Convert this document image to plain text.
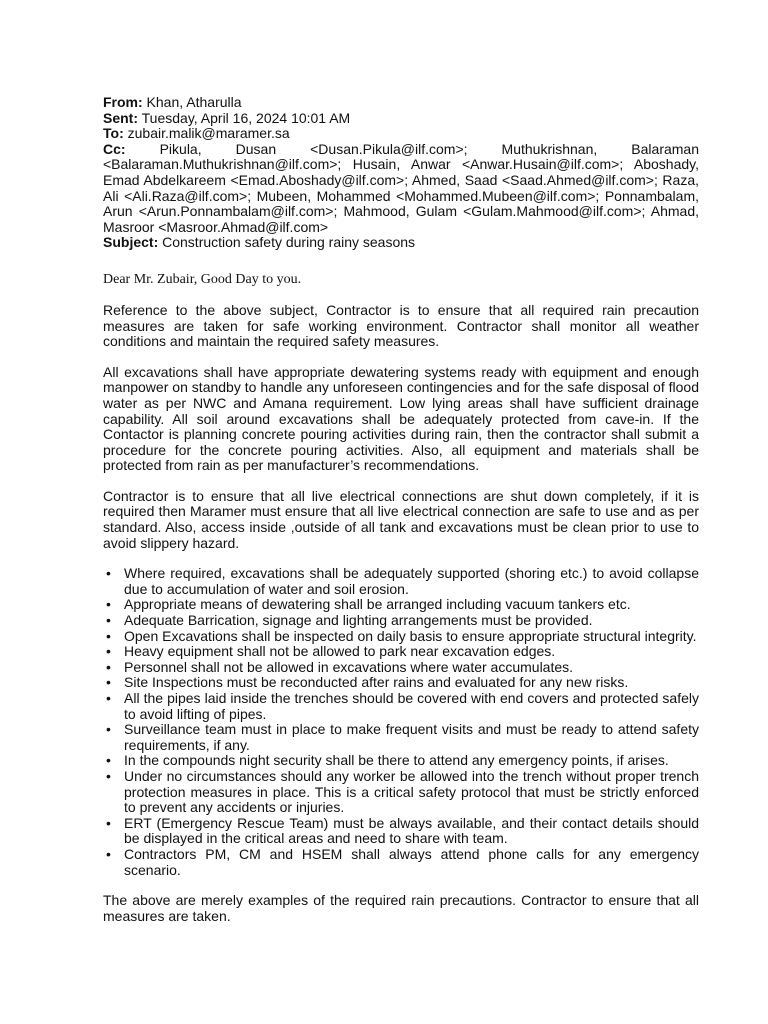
From: Khan, Atharulla

Sent: Tuesday, April 16, 2024 10:01 AM

To: zubair.malik@maramer.sa

Cc: Pikula, Dusan <Dusan.Pikula@ilf.com>; Muthukrishnan, Balaraman <Balaraman.Muthukrishnan@ilf.com>; Husain, Anwar <Anwar.Husain@ilf.com>; Aboshady, Emad Abdelkareem <Emad.Aboshady@ilf.com>; Ahmed, Saad <Saad.Ahmed@ilf.com>; Raza, Ali <Ali.Raza@ilf.com>; Mubeen, Mohammed <Mohammed.Mubeen@ilf.com>; Ponnambalam, Arun <Arun.Ponnambalam@ilf.com>; Mahmood, Gulam <Gulam.Mahmood@ilf.com>; Ahmad, Masroor <Masroor.Ahmad@ilf.com>

Subject: Construction safety during rainy seasons

Dear Mr. Zubair, Good Day to you.

Reference to the above subject, Contractor is to ensure that all required rain precaution measures are taken for safe working environment. Contractor shall monitor all weather conditions and maintain the required safety measures.

All excavations shall have appropriate dewatering systems ready with equipment and enough manpower on standby to handle any unforeseen contingencies and for the safe disposal of flood water as per NWC and Amana requirement. Low lying areas shall have sufficient drainage capability. All soil around excavations shall be adequately protected from cave-in. If the Contactor is planning concrete pouring activities during rain, then the contractor shall submit a procedure for the concrete pouring activities. Also, all equipment and materials shall be protected from rain as per manufacturer’s recommendations.

Contractor is to ensure that all live electrical connections are shut down completely, if it is required then Maramer must ensure that all live electrical connection are safe to use and as per standard. Also, access inside ,outside of all tank and excavations must be clean prior to use to avoid slippery hazard.

• Where required, excavations shall be adequately supported (shoring etc.) to avoid collapse due to accumulation of water and soil erosion.
• Appropriate means of dewatering shall be arranged including vacuum tankers etc.
• Adequate Barrication, signage and lighting arrangements must be provided.
• Open Excavations shall be inspected on daily basis to ensure appropriate structural integrity.
• Heavy equipment shall not be allowed to park near excavation edges.
• Personnel shall not be allowed in excavations where water accumulates.
• Site Inspections must be reconducted after rains and evaluated for any new risks.
• All the pipes laid inside the trenches should be covered with end covers and protected safely to avoid lifting of pipes.
• Surveillance team must in place to make frequent visits and must be ready to attend safety requirements, if any.
• In the compounds night security shall be there to attend any emergency points, if arises.
• Under no circumstances should any worker be allowed into the trench without proper trench protection measures in place. This is a critical safety protocol that must be strictly enforced to prevent any accidents or injuries.
• ERT (Emergency Rescue Team) must be always available, and their contact details should be displayed in the critical areas and need to share with team.
• Contractors PM, CM and HSEM shall always attend phone calls for any emergency scenario.

The above are merely examples of the required rain precautions. Contractor to ensure that all measures are taken.
